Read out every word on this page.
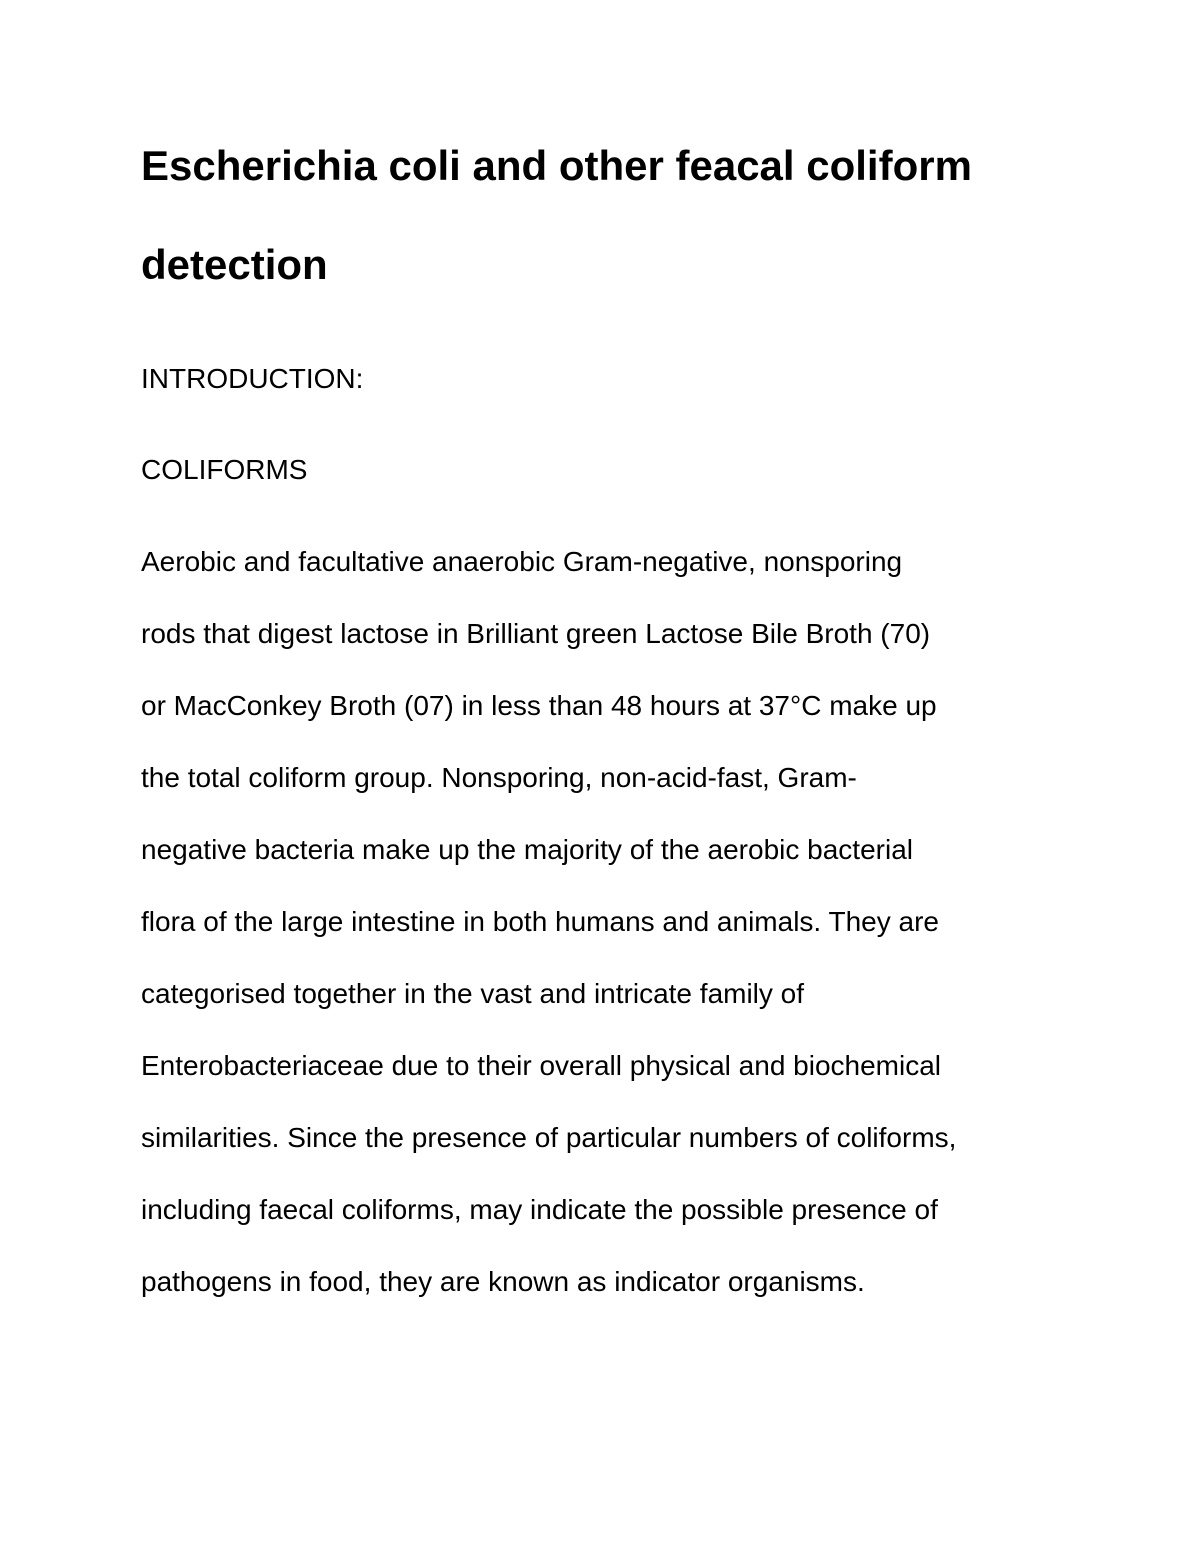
Escherichia coli and other feacal coliform
detection

INTRODUCTION:

COLIFORMS

Aerobic and facultative anaerobic Gram-negative, nonsporing

rods that digest lactose in Brilliant green Lactose Bile Broth (70)

or MacConkey Broth (07) in less than 48 hours at 37°C make up

the total coliform group. Nonsporing, non-acid-fast, Gram-

negative bacteria make up the majority of the aerobic bacterial

flora of the large intestine in both humans and animals. They are

categorised together in the vast and intricate family of

Enterobacteriaceae due to their overall physical and biochemical

similarities. Since the presence of particular numbers of coliforms,

including faecal coliforms, may indicate the possible presence of

pathogens in food, they are known as indicator organisms.
